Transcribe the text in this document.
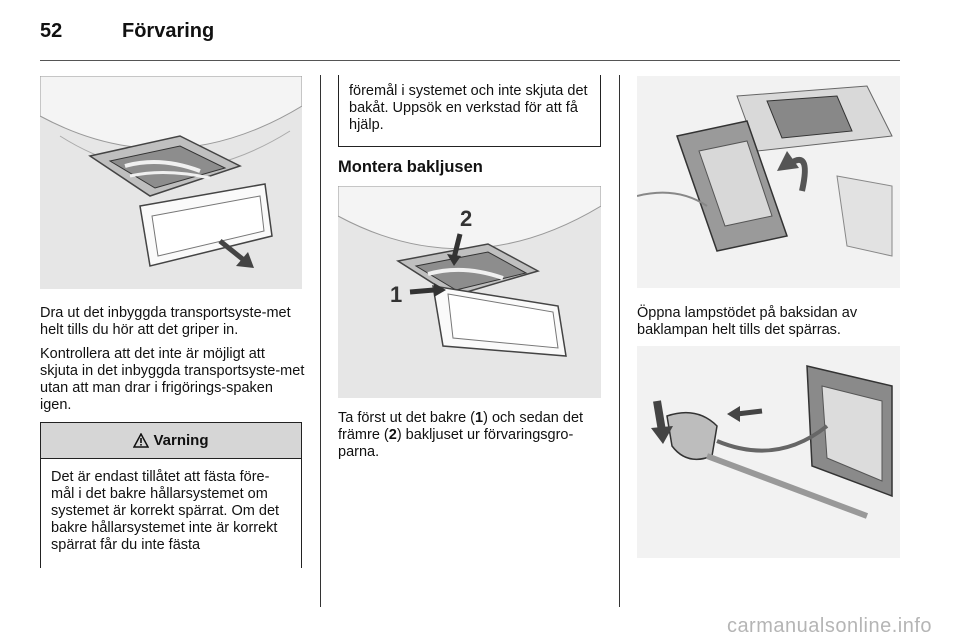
52	Förvaring
Dra ut det inbyggda transportsyste-met helt tills du hör att det griper in.
Kontrollera att det inte är möjligt att skjuta in det inbyggda transportsyste-met utan att man drar i frigörings-spaken igen.
Varning
Det är endast tillåtet att fästa före-mål i det bakre hållarsystemet om systemet är korrekt spärrat. Om det bakre hållarsystemet inte är korrekt spärrat får du inte fästa
föremål i systemet och inte skjuta det bakåt. Uppsök en verkstad för att få hjälp.
Montera bakljusen
1
2
Ta först ut det bakre (1) och sedan det främre (2) bakljuset ur förvaringsgro-parna.
Öppna lampstödet på baksidan av baklampan helt tills det spärras.
carmanualsonline.info
